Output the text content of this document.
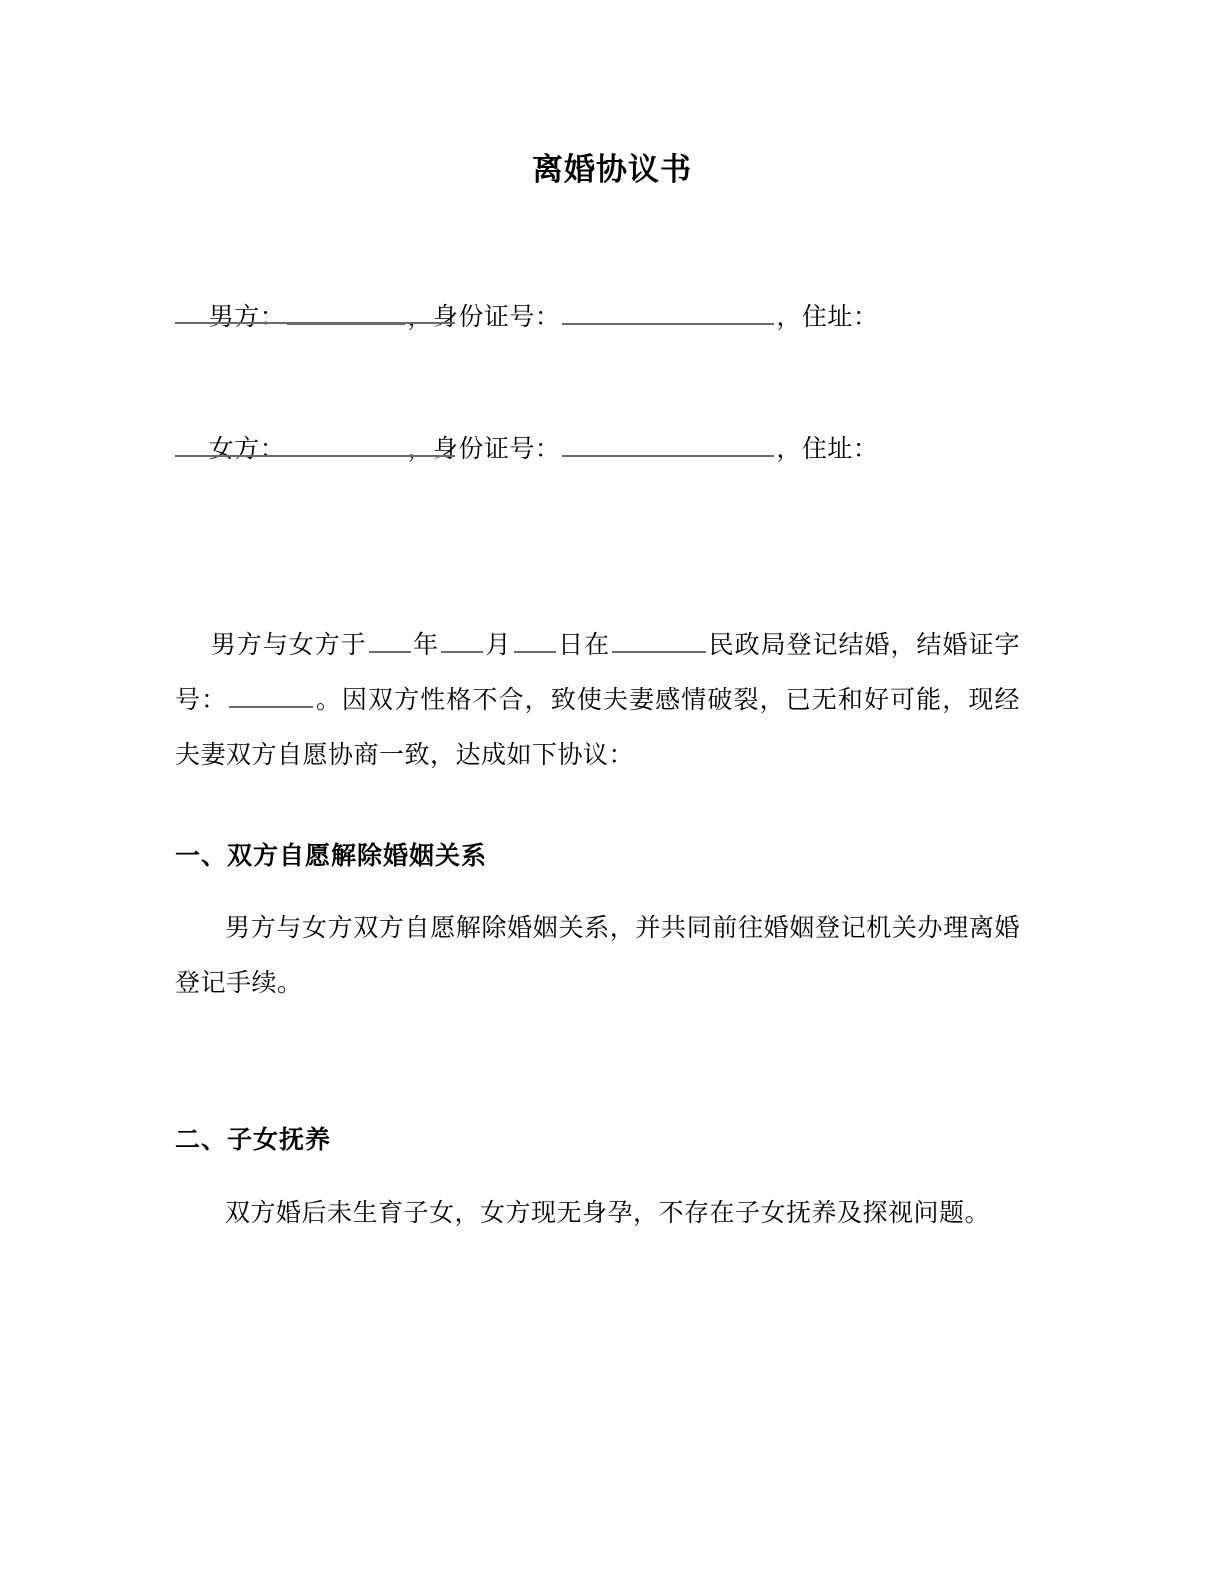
离婚协议书

男方：	，身份证号：	，住址：

女方：	，身份证号：	，住址：

男方与女方于 年 月 日在	民政局登记结婚，结婚证字号：	。因双方性格不合，致使夫妻感情破裂，已无和好可能，现经夫妻双方自愿协商一致，达成如下协议：

一、双方自愿解除婚姻关系
男方与女方双方自愿解除婚姻关系，并共同前往婚姻登记机关办理离婚登记手续。
二、子女抚养
双方婚后未生育子女，女方现无身孕，不存在子女抚养及探视问题。
